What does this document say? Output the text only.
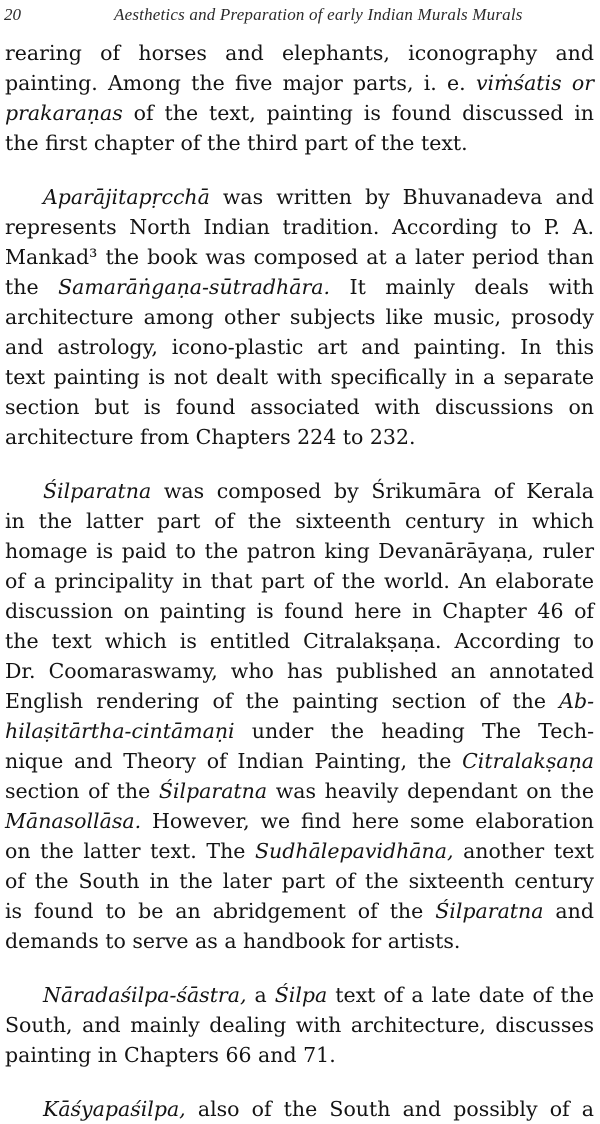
20	Aesthetics and Preparation of early Indian Murals Murals
rearing of horses and elephants, iconography and
painting. Among the five major parts, i. e. viṁśatis or
prakaraṇas of the text, painting is found discussed in
the first chapter of the third part of the text.
Aparājitapṛcchā was written by Bhuvanadeva and
represents North Indian tradition. According to P. A.
Mankad³ the book was composed at a later period than
the Samarāṅgaṇa-sūtradhāra. It mainly deals with
architecture among other subjects like music, prosody
and astrology, icono-plastic art and painting. In this
text painting is not dealt with specifically in a separate
section but is found associated with discussions on
architecture from Chapters 224 to 232.
Śilparatna was composed by Śrikumāra of Kerala
in the latter part of the sixteenth century in which
homage is paid to the patron king Devanārāyaṇa, ruler
of a principality in that part of the world. An elaborate
discussion on painting is found here in Chapter 46 of
the text which is entitled Citralakṣaṇa. According to
Dr. Coomaraswamy, who has published an annotated
English rendering of the painting section of the Ab-
hilaṣitārtha-cintāmaṇi under the heading The Tech-
nique and Theory of Indian Painting, the Citralakṣaṇa
section of the Śilparatna was heavily dependant on the
Mānasollāsa. However, we find here some elaboration
on the latter text. The Sudhālepavidhāna, another text
of the South in the later part of the sixteenth century
is found to be an abridgement of the Śilparatna and
demands to serve as a handbook for artists.
Nāradaśilpa-śāstra, a Śilpa text of a late date of the
South, and mainly dealing with architecture, discusses
painting in Chapters 66 and 71.
Kāśyapaśilpa, also of the South and possibly of a
